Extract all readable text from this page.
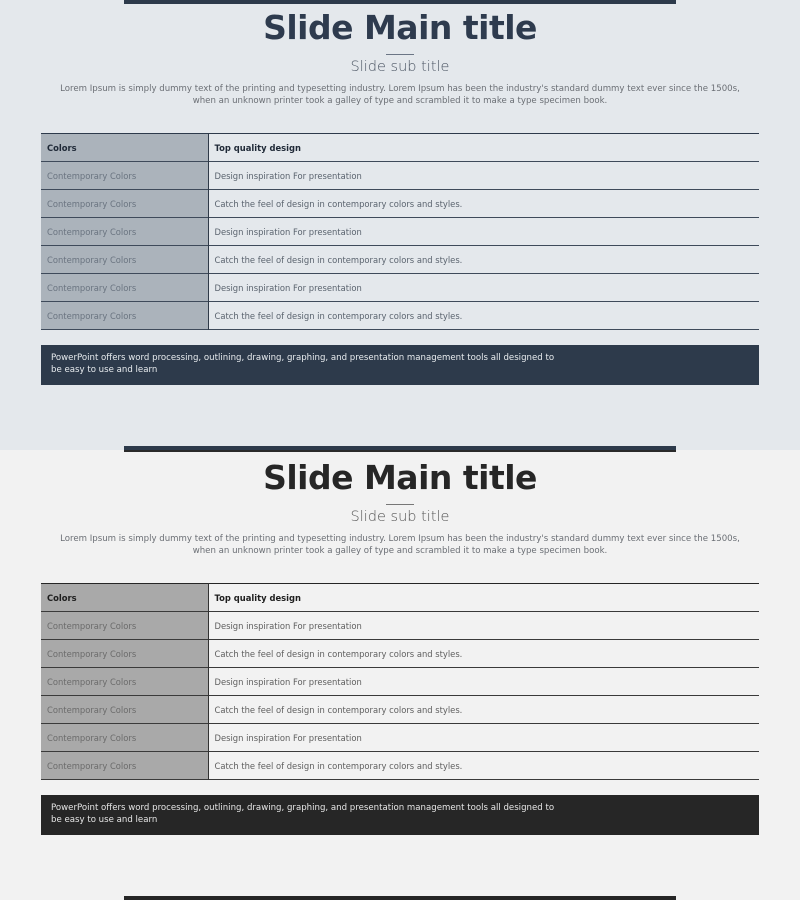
Slide Main title
Slide sub title
Lorem Ipsum is simply dummy text of the printing and typesetting industry. Lorem Ipsum has been the industry's standard dummy text ever since the 1500s,
when an unknown printer took a galley of type and scrambled it to make a type specimen book.
Colors	Top quality design
Contemporary Colors	Design inspiration For presentation
Contemporary Colors	Catch the feel of design in contemporary colors and styles.
Contemporary Colors	Design inspiration For presentation
Contemporary Colors	Catch the feel of design in contemporary colors and styles.
Contemporary Colors	Design inspiration For presentation
Contemporary Colors	Catch the feel of design in contemporary colors and styles.
PowerPoint offers word processing, outlining, drawing, graphing, and presentation management tools all designed to
be easy to use and learn
Slide Main title
Slide sub title
Lorem Ipsum is simply dummy text of the printing and typesetting industry. Lorem Ipsum has been the industry's standard dummy text ever since the 1500s,
when an unknown printer took a galley of type and scrambled it to make a type specimen book.
Colors	Top quality design
Contemporary Colors	Design inspiration For presentation
Contemporary Colors	Catch the feel of design in contemporary colors and styles.
Contemporary Colors	Design inspiration For presentation
Contemporary Colors	Catch the feel of design in contemporary colors and styles.
Contemporary Colors	Design inspiration For presentation
Contemporary Colors	Catch the feel of design in contemporary colors and styles.
PowerPoint offers word processing, outlining, drawing, graphing, and presentation management tools all designed to
be easy to use and learn
